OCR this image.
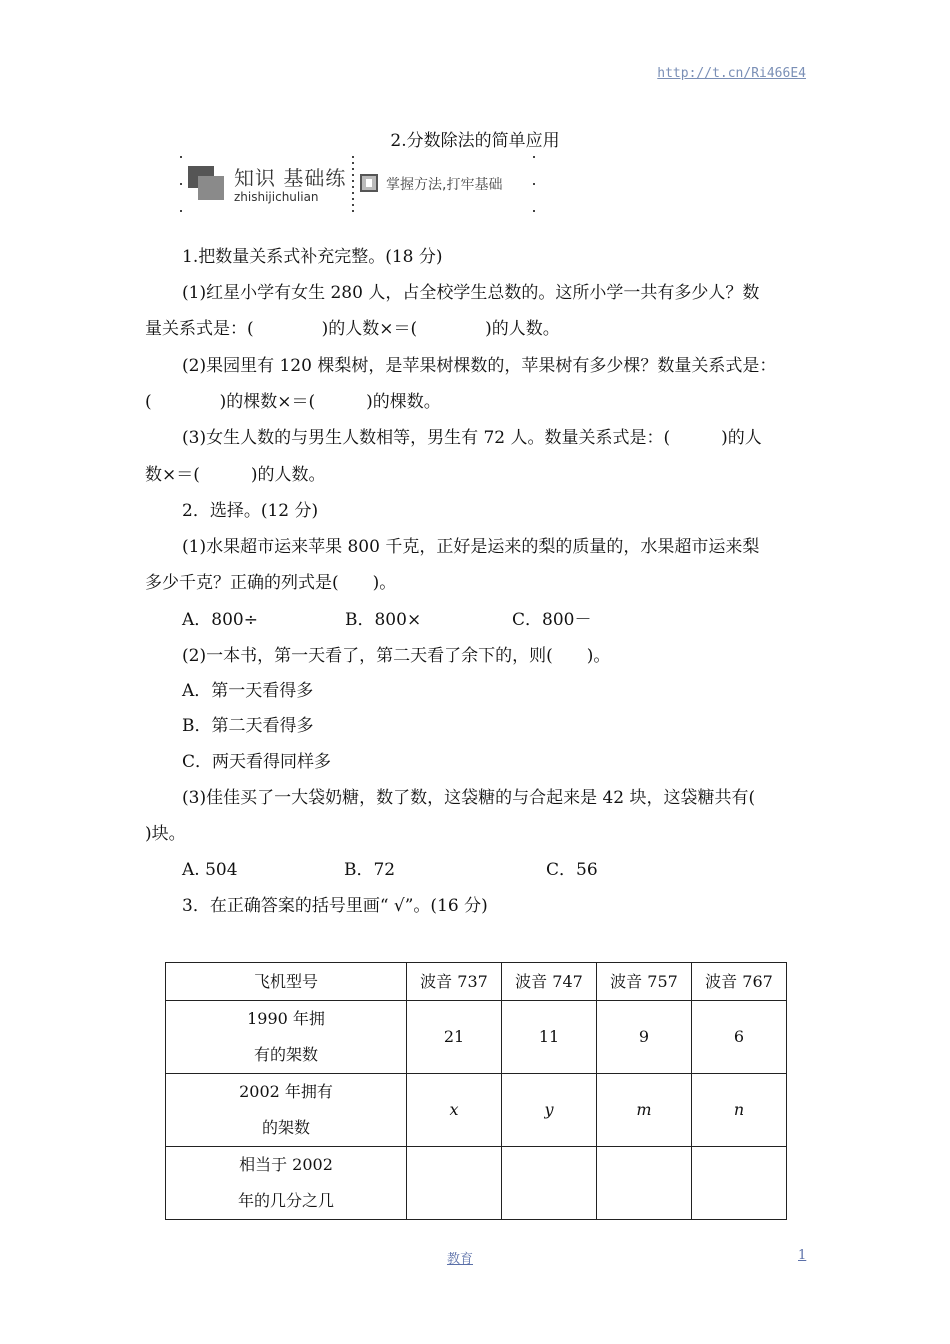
http://t.cn/Ri466E4
2.分数除法的简单应用
知识 基础练
zhishijichulian
掌握方法,打牢基础
1.把数量关系式补充完整。(18 分)
(1)红星小学有女生 280 人，占全校学生总数的。这所小学一共有多少人？数
量关系式是：(　　　　)的人数×＝(　　　　)的人数。
(2)果园里有 120 棵梨树，是苹果树棵数的，苹果树有多少棵？数量关系式是：
(　　　　)的棵数×＝(　　　)的棵数。
(3)女生人数的与男生人数相等，男生有 72 人。数量关系式是：(　　　)的人
数×＝(　　　)的人数。
2．选择。(12 分)
(1)水果超市运来苹果 800 千克，正好是运来的梨的质量的，水果超市运来梨
多少千克？正确的列式是(　　)。
A．800÷	B．800×	C．800－
(2)一本书，第一天看了，第二天看了余下的，则(　　)。
A．第一天看得多
B．第二天看得多
C．两天看得同样多
(3)佳佳买了一大袋奶糖，数了数，这袋糖的与合起来是 42 块，这袋糖共有(
)块。
A. 504	B．72	C．56
3．在正确答案的括号里画“ √”。(16 分)
飞机型号	波音 737	波音 747	波音 757	波音 767

1990 年拥
有的架数	21	11	9	6

2002 年拥有
的架数	x	y	m	n

相当于 2002
年的几分之几				

教育	1
